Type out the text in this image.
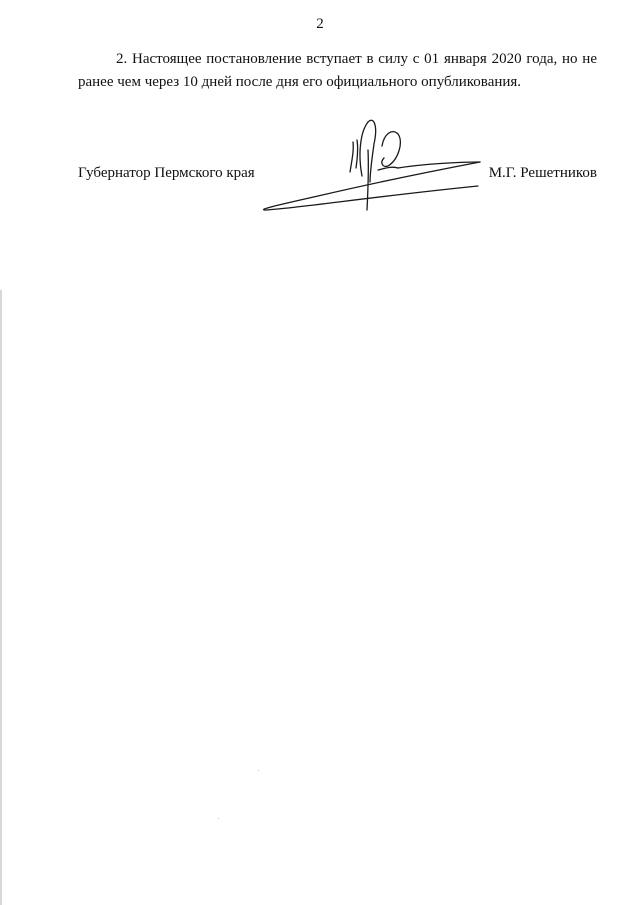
2
2. Настоящее постановление вступает в силу с 01 января 2020 года, но не ранее чем через 10 дней после дня его официального опубликования.
Губернатор Пермского края	М.Г. Решетников
